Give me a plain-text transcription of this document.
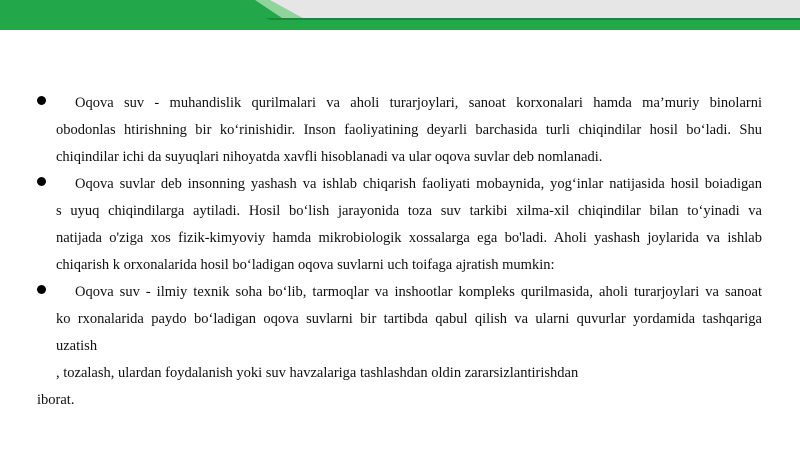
Oqova suv - muhandislik qurilmalari va aholi turarjoylari, sanoat korxonalari hamda ma’muriy binolarni
obodonlas htirishning bir koʻrinishidir. Inson faoliyatining deyarli barchasida turli chiqindilar hosil boʻladi. Shu
chiqindilar ichi da suyuqlari nihoyatda xavfli hisoblanadi va ular oqova suvlar deb nomlanadi.
Oqova suvlar deb insonning yashash va ishlab chiqarish faoliyati mobaynida, yogʻinlar natijasida hosil boiadigan
s uyuq chiqindilarga aytiladi. Hosil boʻlish jarayonida toza suv tarkibi xilma-xil chiqindilar bilan toʻyinadi va
natijada o'ziga xos fizik-kimyoviy hamda mikrobiologik xossalarga ega bo'ladi. Aholi yashash joylarida va ishlab
chiqarish k orxonalarida hosil boʻladigan oqova suvlarni uch toifaga ajratish mumkin:
Oqova suv - ilmiy texnik soha boʻlib, tarmoqlar va inshootlar kompleks qurilmasida, aholi turarjoylari va sanoat
ko rxonalarida paydo boʻladigan oqova suvlarni bir tartibda qabul qilish va ularni quvurlar yordamida tashqariga
uzatish
, tozalash, ulardan foydalanish yoki suv havzalariga tashlashdan oldin zararsizlantirishdan
iborat.
